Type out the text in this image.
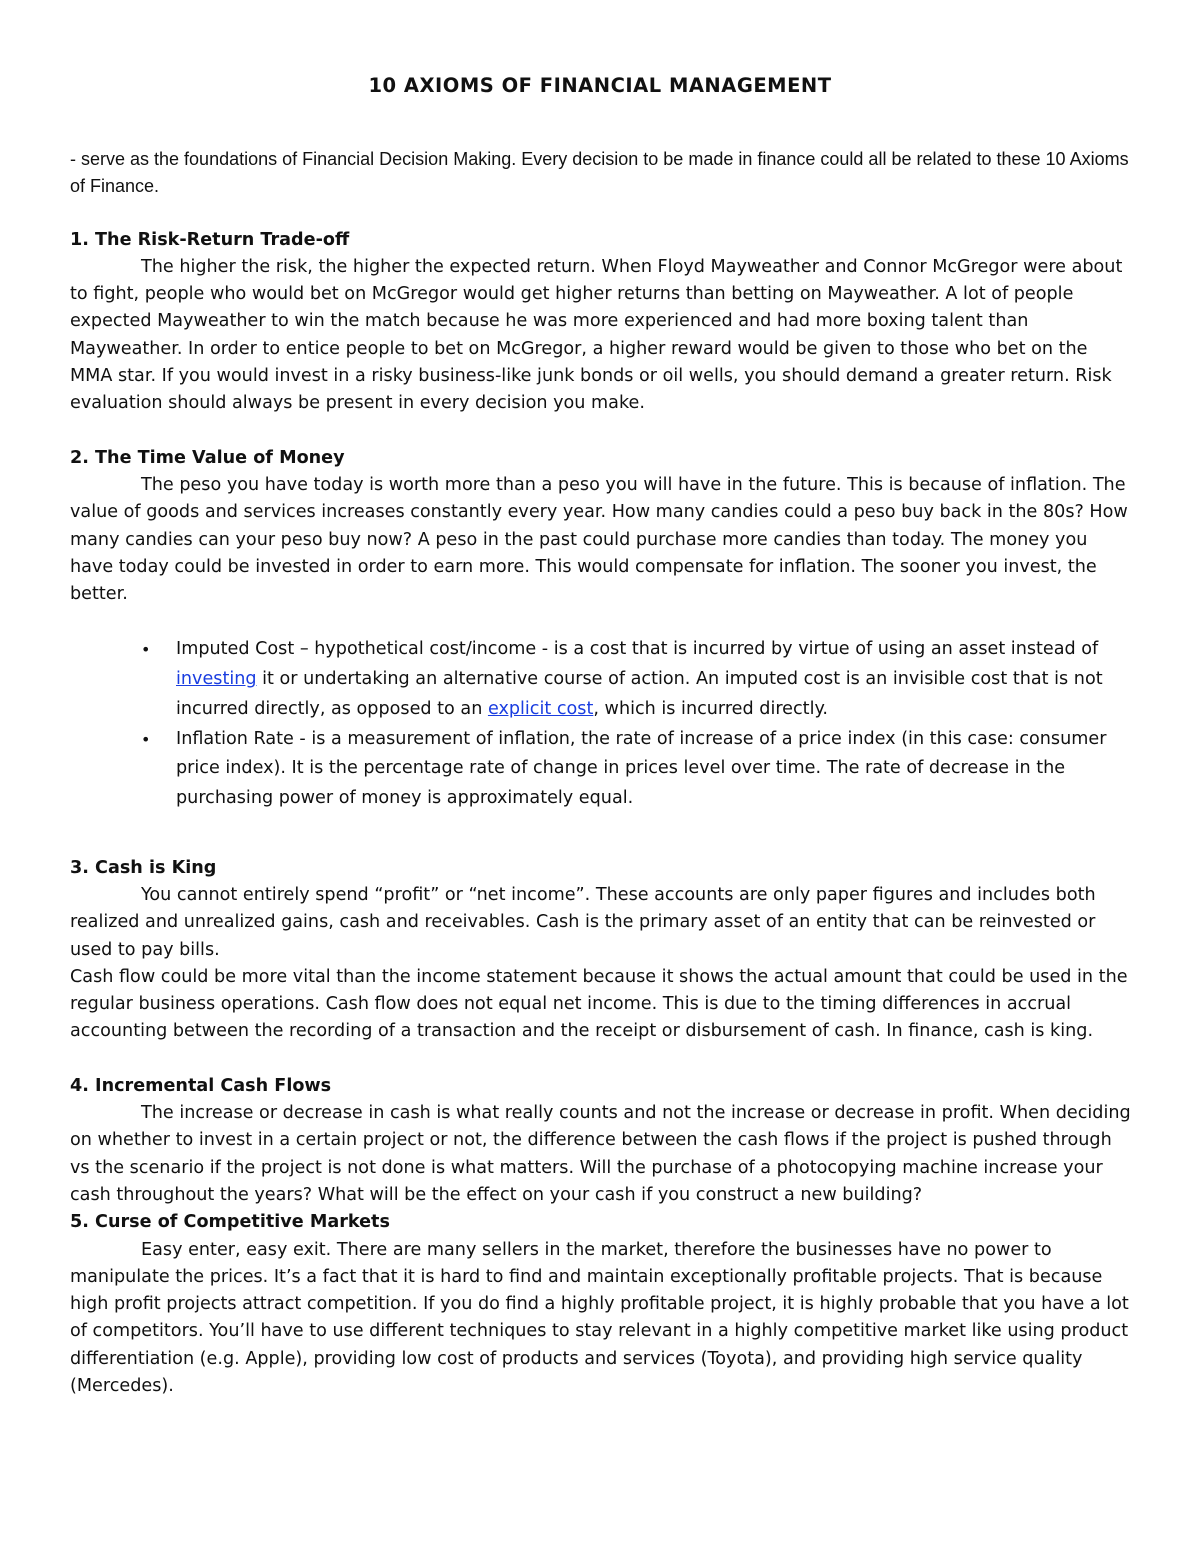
10 AXIOMS OF FINANCIAL MANAGEMENT

- serve as the foundations of Financial Decision Making. Every decision to be made in finance could all be related to these 10 Axioms of Finance.

1. The Risk-Return Trade-off

The higher the risk, the higher the expected return. When Floyd Mayweather and Connor McGregor were about to fight, people who would bet on McGregor would get higher returns than betting on Mayweather. A lot of people expected Mayweather to win the match because he was more experienced and had more boxing talent than Mayweather. In order to entice people to bet on McGregor, a higher reward would be given to those who bet on the MMA star. If you would invest in a risky business-like junk bonds or oil wells, you should demand a greater return. Risk evaluation should always be present in every decision you make.

2. The Time Value of Money

The peso you have today is worth more than a peso you will have in the future. This is because of inflation. The value of goods and services increases constantly every year. How many candies could a peso buy back in the 80s? How many candies can your peso buy now? A peso in the past could purchase more candies than today. The money you have today could be invested in order to earn more. This would compensate for inflation. The sooner you invest, the better.

• Imputed Cost – hypothetical cost/income - is a cost that is incurred by virtue of using an asset instead of investing it or undertaking an alternative course of action. An imputed cost is an invisible cost that is not incurred directly, as opposed to an explicit cost, which is incurred directly.
• Inflation Rate - is a measurement of inflation, the rate of increase of a price index (in this case: consumer price index). It is the percentage rate of change in prices level over time. The rate of decrease in the purchasing power of money is approximately equal.

3. Cash is King

You cannot entirely spend “profit” or “net income”. These accounts are only paper figures and includes both realized and unrealized gains, cash and receivables. Cash is the primary asset of an entity that can be reinvested or used to pay bills.

Cash flow could be more vital than the income statement because it shows the actual amount that could be used in the regular business operations. Cash flow does not equal net income. This is due to the timing differences in accrual accounting between the recording of a transaction and the receipt or disbursement of cash. In finance, cash is king.

4. Incremental Cash Flows

The increase or decrease in cash is what really counts and not the increase or decrease in profit. When deciding on whether to invest in a certain project or not, the difference between the cash flows if the project is pushed through vs the scenario if the project is not done is what matters. Will the purchase of a photocopying machine increase your cash throughout the years? What will be the effect on your cash if you construct a new building?

5. Curse of Competitive Markets

Easy enter, easy exit. There are many sellers in the market, therefore the businesses have no power to manipulate the prices. It’s a fact that it is hard to find and maintain exceptionally profitable projects. That is because high profit projects attract competition. If you do find a highly profitable project, it is highly probable that you have a lot of competitors. You’ll have to use different techniques to stay relevant in a highly competitive market like using product differentiation (e.g. Apple), providing low cost of products and services (Toyota), and providing high service quality (Mercedes).
